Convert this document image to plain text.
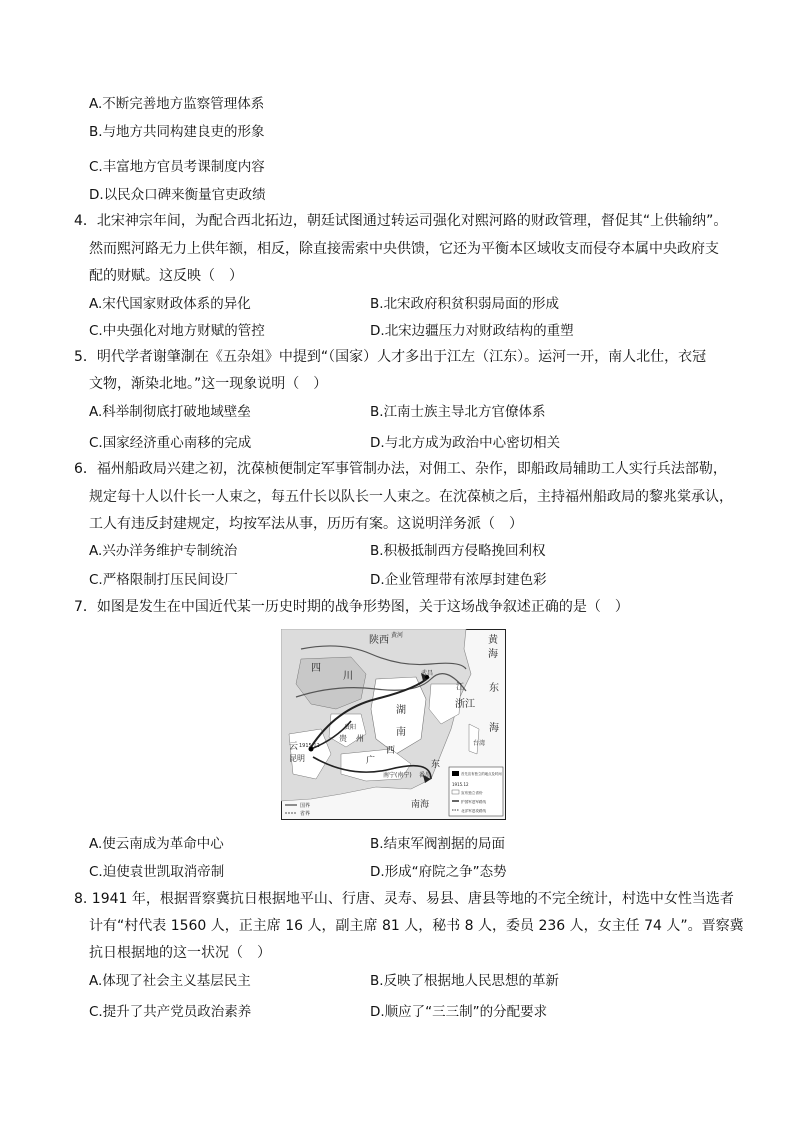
A.不断完善地方监察管理体系
B.与地方共同构建良吏的形象
C.丰富地方官员考课制度内容
D.以民众口碑来衡量官吏政绩
4．北宋神宗年间，为配合西北拓边，朝廷试图通过转运司强化对熙河路的财政管理，督促其“上供输纳”。
然而熙河路无力上供年额，相反，除直接需索中央供馈，它还为平衡本区域收支而侵夺本属中央政府支
配的财赋。这反映（　）
A.宋代国家财政体系的异化	B.北宋政府积贫积弱局面的形成
C.中央强化对地方财赋的管控	D.北宋边疆压力对财政结构的重塑
5．明代学者谢肇淛在《五杂俎》中提到“（国家）人才多出于江左（江东）。运河一开，南人北仕，衣冠
文物，渐染北地。”这一现象说明（　）
A.科举制彻底打破地域壁垒	B.江南士族主导北方官僚体系
C.国家经济重心南移的完成	D.与北方成为政治中心密切相关
6．福州船政局兴建之初，沈葆桢便制定军事管制办法，对佣工、杂作，即船政局辅助工人实行兵法部勒，
规定每十人以什长一人束之，每五什长以队长一人束之。在沈葆桢之后，主持福州船政局的黎兆棠承认，
工人有违反封建规定，均按军法从事，历历有案。这说明洋务派（　）
A.兴办洋务维护专制统治	B.积极抵制西方侵略挽回利权
C.严格限制打压民间设厂	D.企业管理带有浓厚封建色彩
7．如图是发生在中国近代某一历史时期的战争形势图，关于这场战争叙述正确的是（　）
陕西 黄河	黄
海
四
川	武昌
江
浙江
东
海
湖
南
云 1915.12
昆明
贵 州
贵阳
广
西
南宁(南宁)
东
番禺
台湾
南海
国界
省界
首先宣布独立的地点及时间
1915.12
宣布独立省份
护国军进军路线
北洋军进攻路线
A.使云南成为革命中心	B.结束军阀割据的局面
C.迫使袁世凯取消帝制	D.形成“府院之争”态势
8. 1941 年，根据晋察冀抗日根据地平山、行唐、灵寿、易县、唐县等地的不完全统计，村选中女性当选者
计有“村代表 1560 人，正主席 16 人，副主席 81 人，秘书 8 人，委员 236 人，女主任 74 人”。晋察冀
抗日根据地的这一状况（　）
A.体现了社会主义基层民主	B.反映了根据地人民思想的革新
C.提升了共产党员政治素养	D.顺应了“三三制”的分配要求
